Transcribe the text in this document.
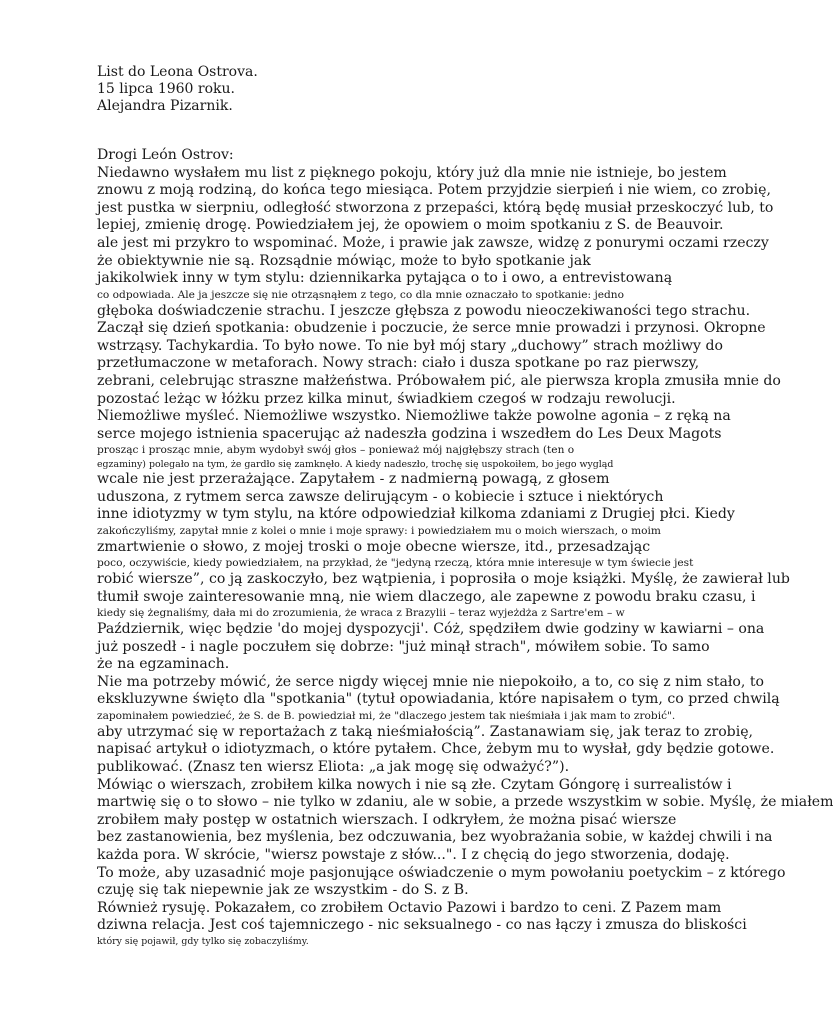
List do Leona Ostrova.
15 lipca 1960 roku.
Alejandra Pizarnik.
Drogi León Ostrov:
Niedawno wysłałem mu list z pięknego pokoju, który już dla mnie nie istnieje, bo jestem
znowu z moją rodziną, do końca tego miesiąca. Potem przyjdzie sierpień i nie wiem, co zrobię,
jest pustka w sierpniu, odległość stworzona z przepaści, którą będę musiał przeskoczyć lub, to
lepiej, zmienię drogę. Powiedziałem jej, że opowiem o moim spotkaniu z S. de Beauvoir.
ale jest mi przykro to wspominać. Może, i prawie jak zawsze, widzę z ponurymi oczami rzeczy
że obiektywnie nie są. Rozsądnie mówiąc, może to było spotkanie jak
jakikolwiek inny w tym stylu: dziennikarka pytająca o to i owo, a entrevistowaną
co odpowiada. Ale ja jeszcze się nie otrząsnąłem z tego, co dla mnie oznaczało to spotkanie: jedno
głęboka doświadczenie strachu. I jeszcze głębsza z powodu nieoczekiwaności tego strachu.
Zaczął się dzień spotkania: obudzenie i poczucie, że serce mnie prowadzi i przynosi. Okropne
wstrząsy. Tachykardia. To było nowe. To nie był mój stary „duchowy” strach możliwy do
przetłumaczone w metaforach. Nowy strach: ciało i dusza spotkane po raz pierwszy,
zebrani, celebrując straszne małżeństwa. Próbowałem pić, ale pierwsza kropla zmusiła mnie do
pozostać leżąc w łóżku przez kilka minut, świadkiem czegoś w rodzaju rewolucji.
Niemożliwe myśleć. Niemożliwe wszystko. Niemożliwe także powolne agonia – z ręką na
serce mojego istnienia spacerując aż nadeszła godzina i wszedłem do Les Deux Magots
prosząc i prosząc mnie, abym wydobył swój głos – ponieważ mój najgłębszy strach (ten o
egzaminy) polegało na tym, że gardło się zamknęło. A kiedy nadeszło, trochę się uspokoiłem, bo jego wygląd
wcale nie jest przerażające. Zapytałem - z nadmierną powagą, z głosem
uduszona, z rytmem serca zawsze delirującym - o kobiecie i sztuce i niektórych
inne idiotyzmy w tym stylu, na które odpowiedział kilkoma zdaniami z Drugiej płci. Kiedy
zakończyliśmy, zapytał mnie z kolei o mnie i moje sprawy: i powiedziałem mu o moich wierszach, o moim
zmartwienie o słowo, z mojej troski o moje obecne wiersze, itd., przesadzając
poco, oczywiście, kiedy powiedziałem, na przykład, że "jedyną rzeczą, która mnie interesuje w tym świecie jest
robić wiersze”, co ją zaskoczyło, bez wątpienia, i poprosiła o moje książki. Myślę, że zawierał lub
tłumił swoje zainteresowanie mną, nie wiem dlaczego, ale zapewne z powodu braku czasu, i
kiedy się żegnaliśmy, dała mi do zrozumienia, że wraca z Brazylii – teraz wyjeżdża z Sartre'em – w
Październik, więc będzie 'do mojej dyspozycji'. Cóż, spędziłem dwie godziny w kawiarni – ona
już poszedł - i nagle poczułem się dobrze: "już minął strach", mówiłem sobie. To samo
że na egzaminach.
Nie ma potrzeby mówić, że serce nigdy więcej mnie nie niepokoiło, a to, co się z nim stało, to
ekskluzywne święto dla "spotkania" (tytuł opowiadania, które napisałem o tym, co przed chwilą
zapominałem powiedzieć, że S. de B. powiedział mi, że "dlaczego jestem tak nieśmiała i jak mam to zrobić".
aby utrzymać się w reportażach z taką nieśmiałością”. Zastanawiam się, jak teraz to zrobię,
napisać artykuł o idiotyzmach, o które pytałem. Chce, żebym mu to wysłał, gdy będzie gotowe.
publikować. (Znasz ten wiersz Eliota: „a jak mogę się odważyć?”).
Mówiąc o wierszach, zrobiłem kilka nowych i nie są złe. Czytam Góngorę i surrealistów i
martwię się o to słowo – nie tylko w zdaniu, ale w sobie, a przede wszystkim w sobie. Myślę, że miałem
zrobiłem mały postęp w ostatnich wierszach. I odkryłem, że można pisać wiersze
bez zastanowienia, bez myślenia, bez odczuwania, bez wyobrażania sobie, w każdej chwili i na
każda pora. W skrócie, "wiersz powstaje z słów...". I z chęcią do jego stworzenia, dodaję.
To może, aby uzasadnić moje pasjonujące oświadczenie o mym powołaniu poetyckim – z którego
czuję się tak niepewnie jak ze wszystkim - do S. z B.
Również rysuję. Pokazałem, co zrobiłem Octavio Pazowi i bardzo to ceni. Z Pazem mam
dziwna relacja. Jest coś tajemniczego - nic seksualnego - co nas łączy i zmusza do bliskości
który się pojawił, gdy tylko się zobaczyliśmy.
